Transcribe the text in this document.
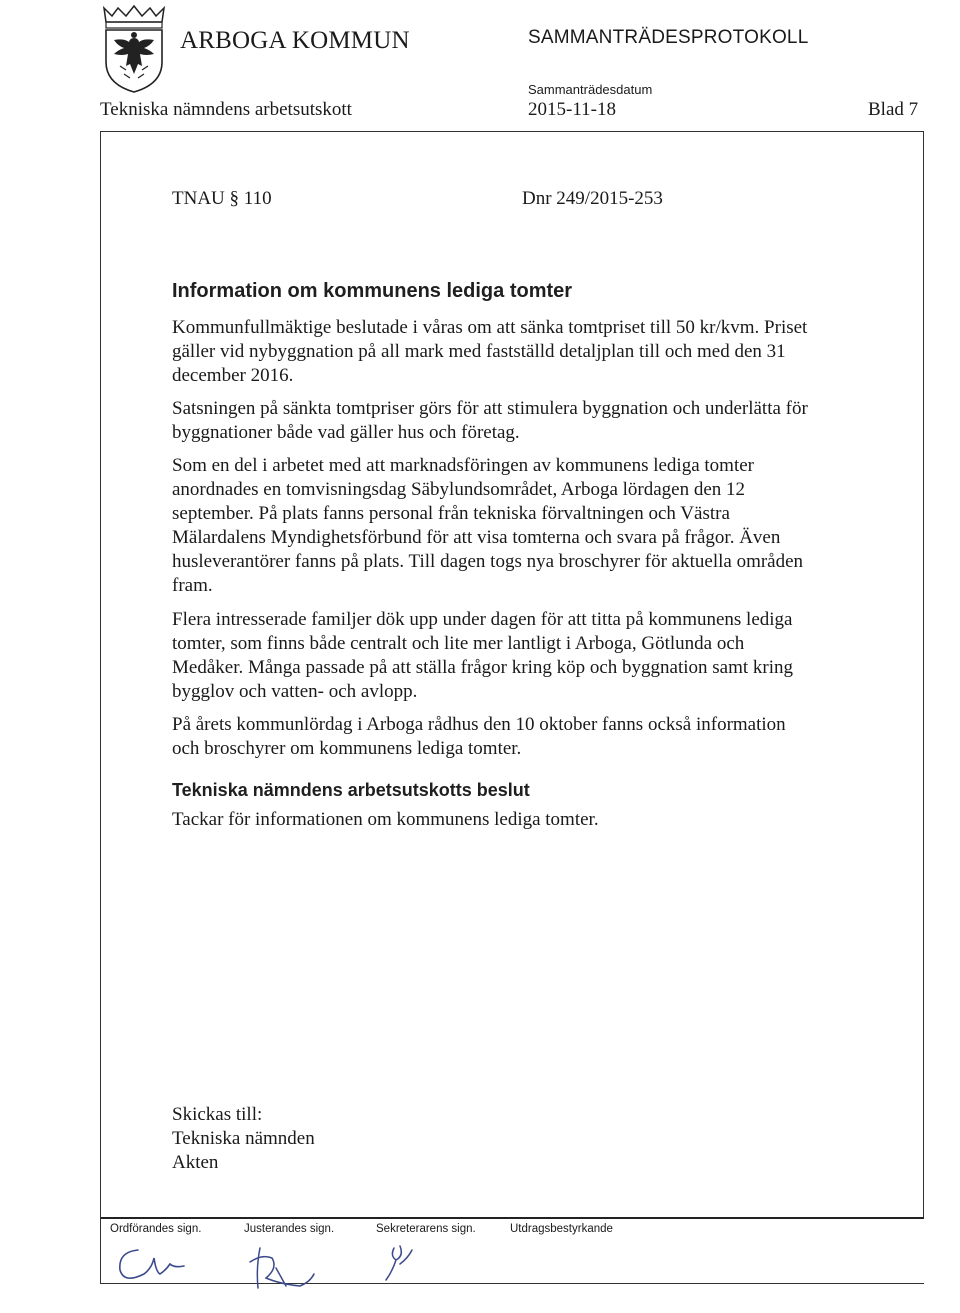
ARBOGA KOMMUN	SAMMANTRÄDESPROTOKOLL
Sammanträdesdatum
Tekniska nämndens arbetsutskott	2015-11-18	Blad 7
TNAU § 110	Dnr 249/2015-253
Information om kommunens lediga tomter
Kommunfullmäktige beslutade i våras om att sänka tomtpriset till 50 kr/kvm. Priset gäller vid nybyggnation på all mark med fastställd detaljplan till och med den 31 december 2016.
Satsningen på sänkta tomtpriser görs för att stimulera byggnation och underlätta för byggnationer både vad gäller hus och företag.
Som en del i arbetet med att marknadsföringen av kommunens lediga tomter anordnades en tomvisningsdag Säbylundsområdet, Arboga lördagen den 12 september. På plats fanns personal från tekniska förvaltningen och Västra Mälardalens Myndighetsförbund för att visa tomterna och svara på frågor. Även husleverantörer fanns på plats. Till dagen togs nya broschyrer för aktuella områden fram.
Flera intresserade familjer dök upp under dagen för att titta på kommunens lediga tomter, som finns både centralt och lite mer lantligt i Arboga, Götlunda och Medåker. Många passade på att ställa frågor kring köp och byggnation samt kring bygglov och vatten- och avlopp.
På årets kommunlördag i Arboga rådhus den 10 oktober fanns också information och broschyrer om kommunens lediga tomter.
Tekniska nämndens arbetsutskotts beslut
Tackar för informationen om kommunens lediga tomter.
Skickas till:
Tekniska nämnden
Akten
Ordförandes sign.	Justerandes sign.	Sekreterarens sign.	Utdragsbestyrkande
